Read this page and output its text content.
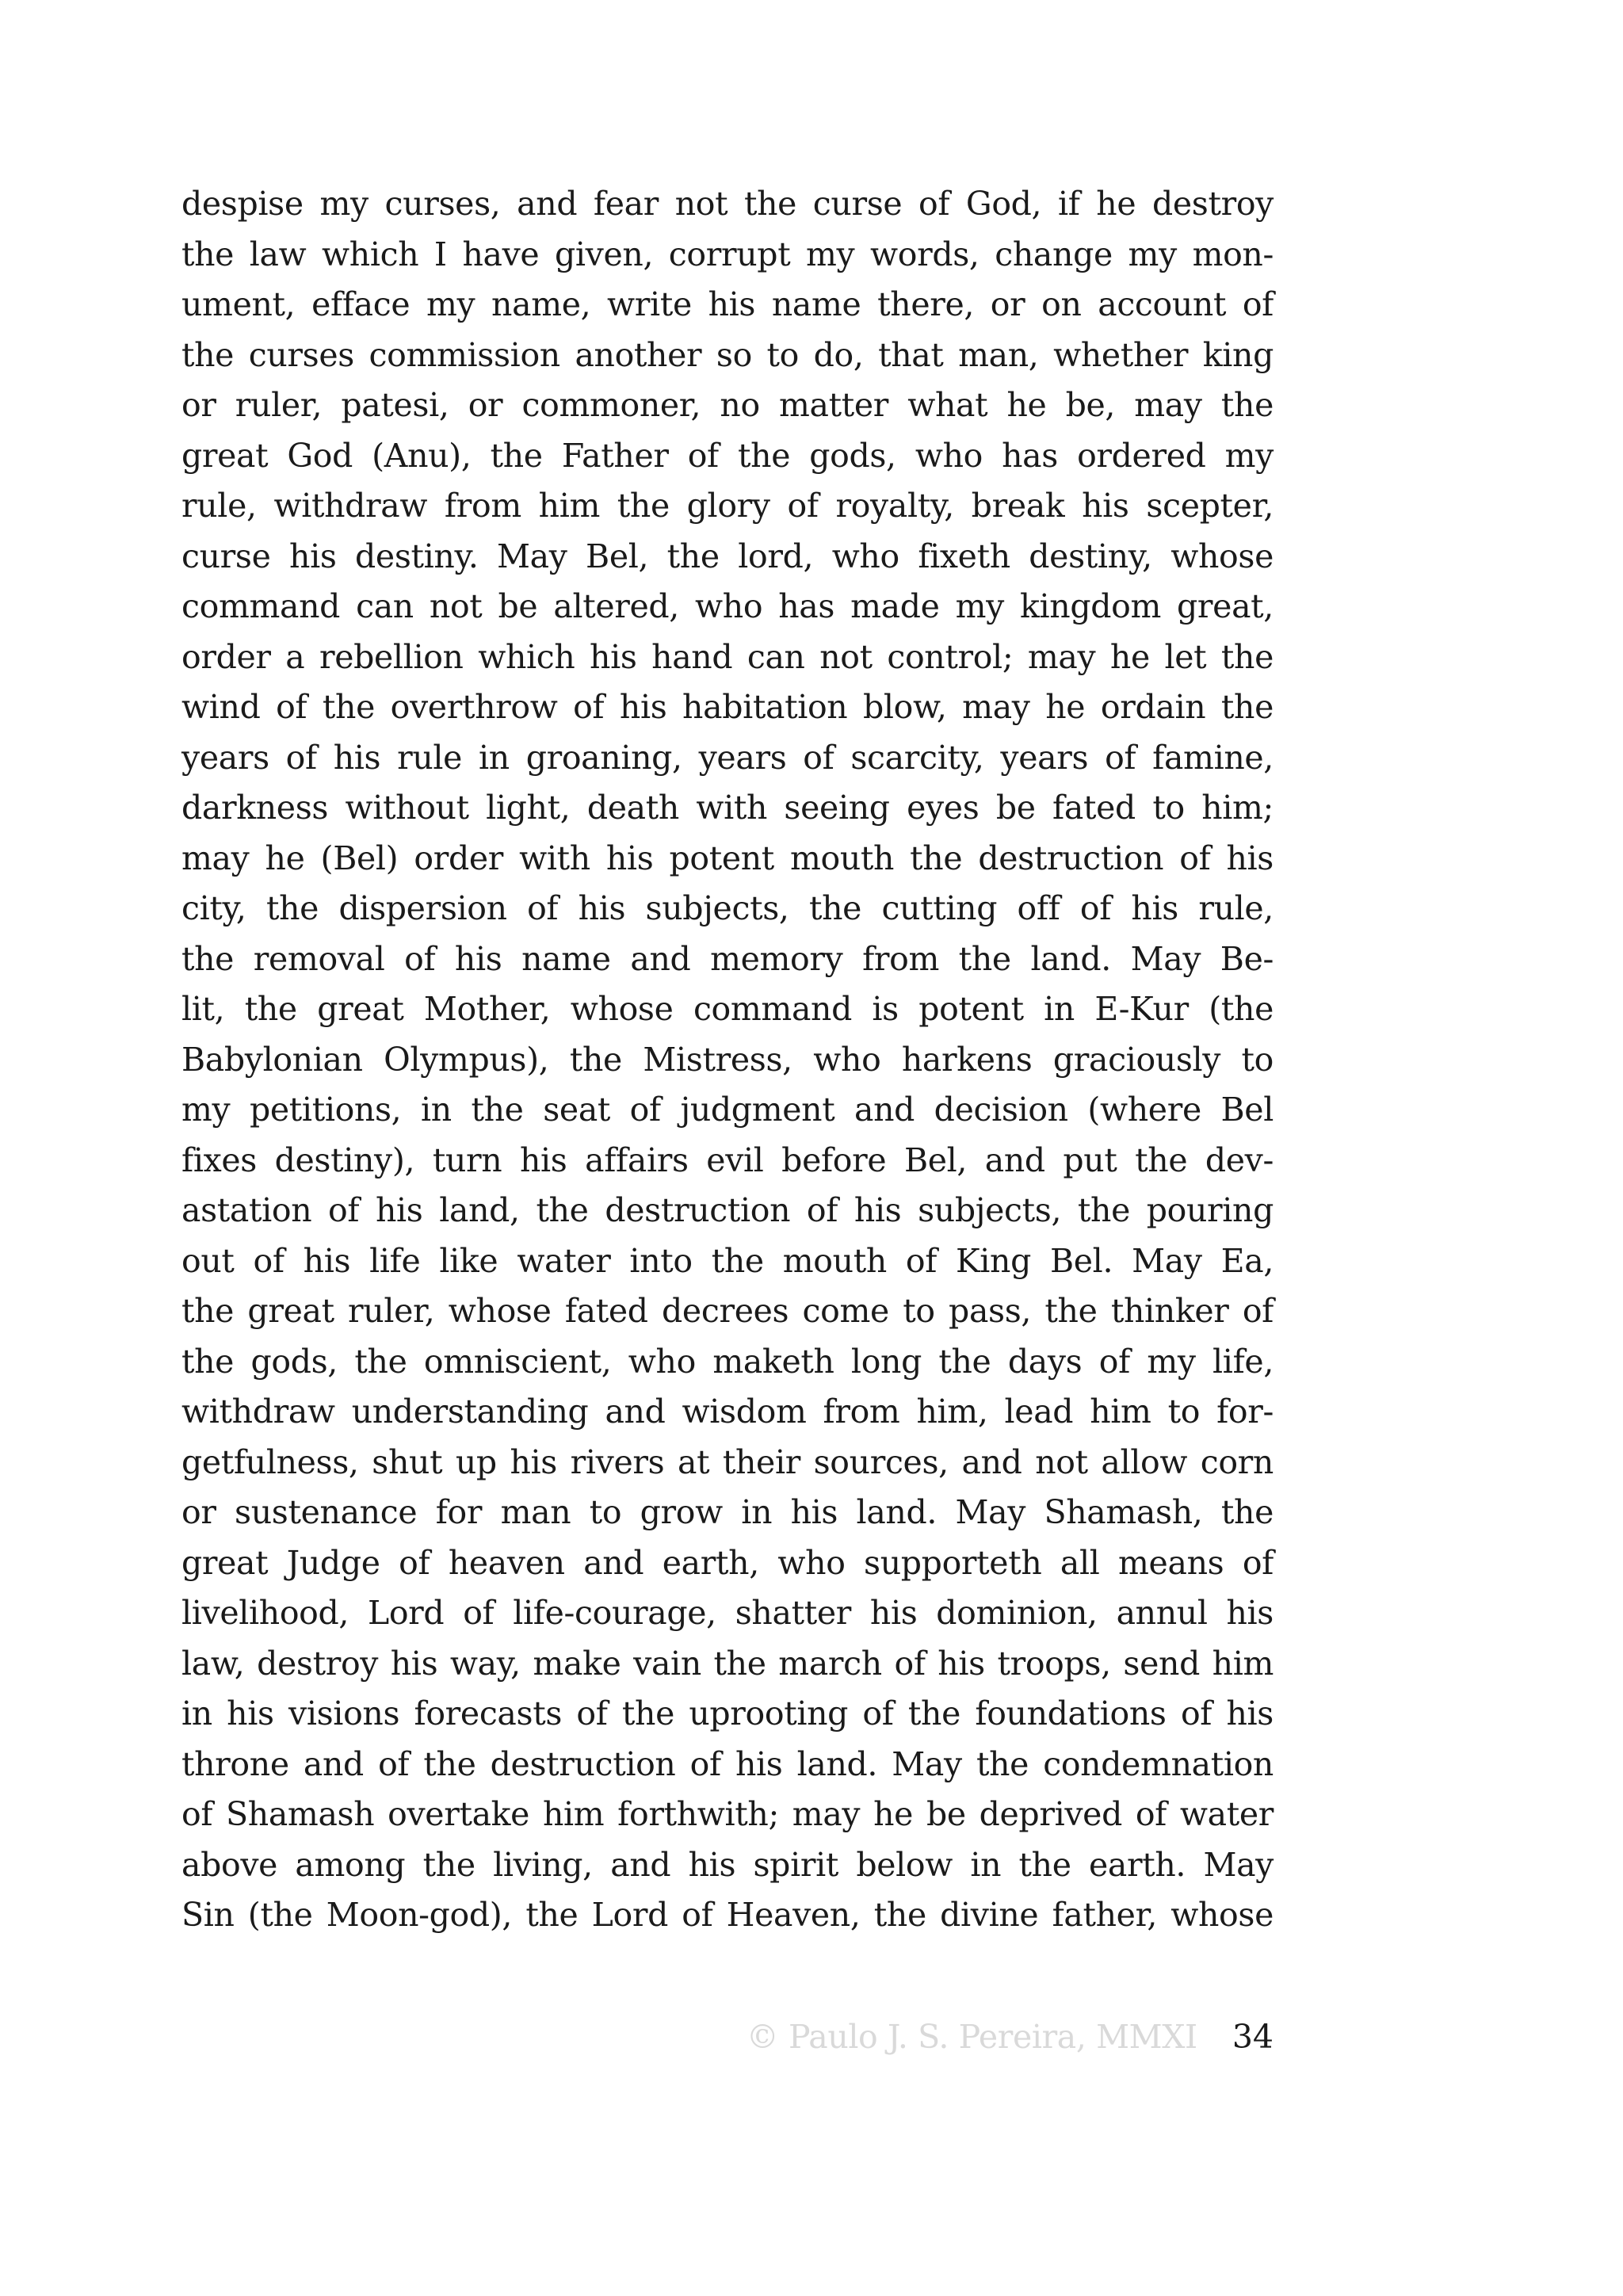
despise my curses, and fear not the curse of God, if he destroy
the law which I have given, corrupt my words, change my mon-
ument, efface my name, write his name there, or on account of
the curses commission another so to do, that man, whether king
or ruler, patesi, or commoner, no matter what he be, may the
great God (Anu), the Father of the gods, who has ordered my
rule, withdraw from him the glory of royalty, break his scepter,
curse his destiny. May Bel, the lord, who fixeth destiny, whose
command can not be altered, who has made my kingdom great,
order a rebellion which his hand can not control; may he let the
wind of the overthrow of his habitation blow, may he ordain the
years of his rule in groaning, years of scarcity, years of famine,
darkness without light, death with seeing eyes be fated to him;
may he (Bel) order with his potent mouth the destruction of his
city, the dispersion of his subjects, the cutting off of his rule,
the removal of his name and memory from the land. May Be-
lit, the great Mother, whose command is potent in E-Kur (the
Babylonian Olympus), the Mistress, who harkens graciously to
my petitions, in the seat of judgment and decision (where Bel
fixes destiny), turn his affairs evil before Bel, and put the dev-
astation of his land, the destruction of his subjects, the pouring
out of his life like water into the mouth of King Bel. May Ea,
the great ruler, whose fated decrees come to pass, the thinker of
the gods, the omniscient, who maketh long the days of my life,
withdraw understanding and wisdom from him, lead him to for-
getfulness, shut up his rivers at their sources, and not allow corn
or sustenance for man to grow in his land. May Shamash, the
great Judge of heaven and earth, who supporteth all means of
livelihood, Lord of life-courage, shatter his dominion, annul his
law, destroy his way, make vain the march of his troops, send him
in his visions forecasts of the uprooting of the foundations of his
throne and of the destruction of his land. May the condemnation
of Shamash overtake him forthwith; may he be deprived of water
above among the living, and his spirit below in the earth. May
Sin (the Moon-god), the Lord of Heaven, the divine father, whose
© Paulo J. S. Pereira, MMXI 34
